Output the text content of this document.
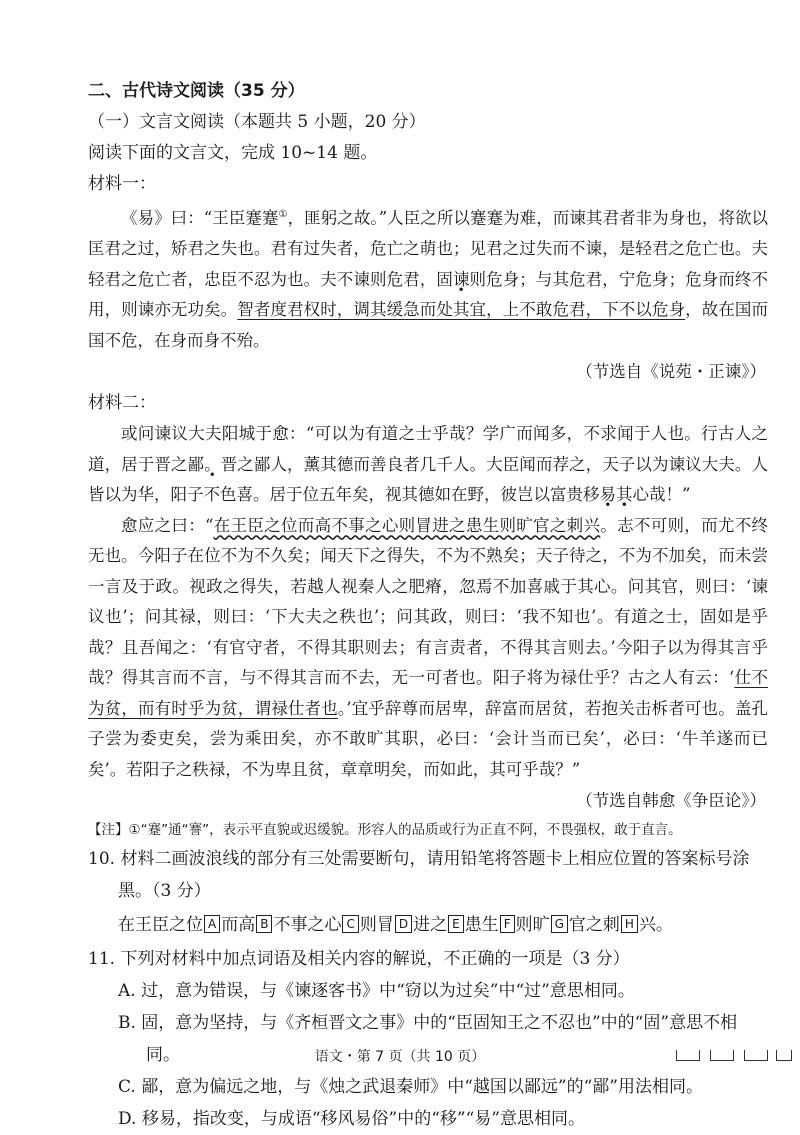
二、古代诗文阅读（35 分）
（一）文言文阅读（本题共 5 小题，20 分）
阅读下面的文言文，完成 10~14 题。
材料一：

《易》曰：“王臣蹇蹇①，匪躬之故。”人臣之所以蹇蹇为难，而谏其君者非为身也，将欲以匡君之过，矫君之失也。君有过失者，危亡之萌也；见君之过失而不谏，是轻君之危亡也。夫轻君之危亡者，忠臣不忍为也。夫不谏则危君，固谏则危身；与其危君，宁危身；危身而终不用，则谏亦无功矣。智者度君权时，调其缓急而处其宜，上不敢危君，下不以危身，故在国而国不危，在身而身不殆。

（节选自《说苑・正谏》）
材料二：

或问谏议大夫阳城于愈：“可以为有道之士乎哉？学广而闻多，不求闻于人也。行古人之道，居于晋之鄙。晋之鄙人，薰其德而善良者几千人。大臣闻而荐之，天子以为谏议大夫。人皆以为华，阳子不色喜。居于位五年矣，视其德如在野，彼岂以富贵移易其心哉！”

愈应之曰：“在王臣之位而高不事之心则冒进之患生则旷官之刺兴。志不可则，而尤不终无也。今阳子在位不为不久矣；闻天下之得失，不为不熟矣；天子待之，不为不加矣，而未尝一言及于政。视政之得失，若越人视秦人之肥瘠，忽焉不加喜戚于其心。问其官，则曰：‘谏议也’；问其禄，则曰：‘下大夫之秩也’；问其政，则曰：‘我不知也’。有道之士，固如是乎哉？且吾闻之：‘有官守者，不得其职则去；有言责者，不得其言则去。’今阳子以为得其言乎哉？得其言而不言，与不得其言而不去，无一可者也。阳子将为禄仕乎？古之人有云：‘仕不为贫，而有时乎为贫，谓禄仕者也。’宜乎辞尊而居卑，辞富而居贫，若抱关击柝者可也。盖孔子尝为委吏矣，尝为乘田矣，亦不敢旷其职，必曰：‘会计当而已矣’，必曰：‘牛羊遂而已矣’。若阳子之秩禄，不为卑且贫，章章明矣，而如此，其可乎哉？”

（节选自韩愈《争臣论》）
【注】①“蹇”通“謇”，表示平直貌或迟缓貌。形容人的品质或行为正直不阿，不畏强权，敢于直言。
10. 材料二画波浪线的部分有三处需要断句，请用铅笔将答题卡上相应位置的答案标号涂黑。（3 分）
在王臣之位 A 而高 B 不事之心 C 则冒 D 进之 E 患生 F 则旷 G 官之刺 H 兴。
11. 下列对材料中加点词语及相关内容的解说，不正确的一项是（3 分）
A. 过，意为错误，与《谏逐客书》中“窃以为过矣”中“过”意思相同。
B. 固，意为坚持，与《齐桓晋文之事》中的“臣固知王之不忍也”中的“固”意思不相同。
C. 鄙，意为偏远之地，与《烛之武退秦师》中“越国以鄙远”的“鄙”用法相同。
D. 移易，指改变，与成语“移风易俗”中的“移”“易”意思相同。
语文・第 7 页（共 10 页）
